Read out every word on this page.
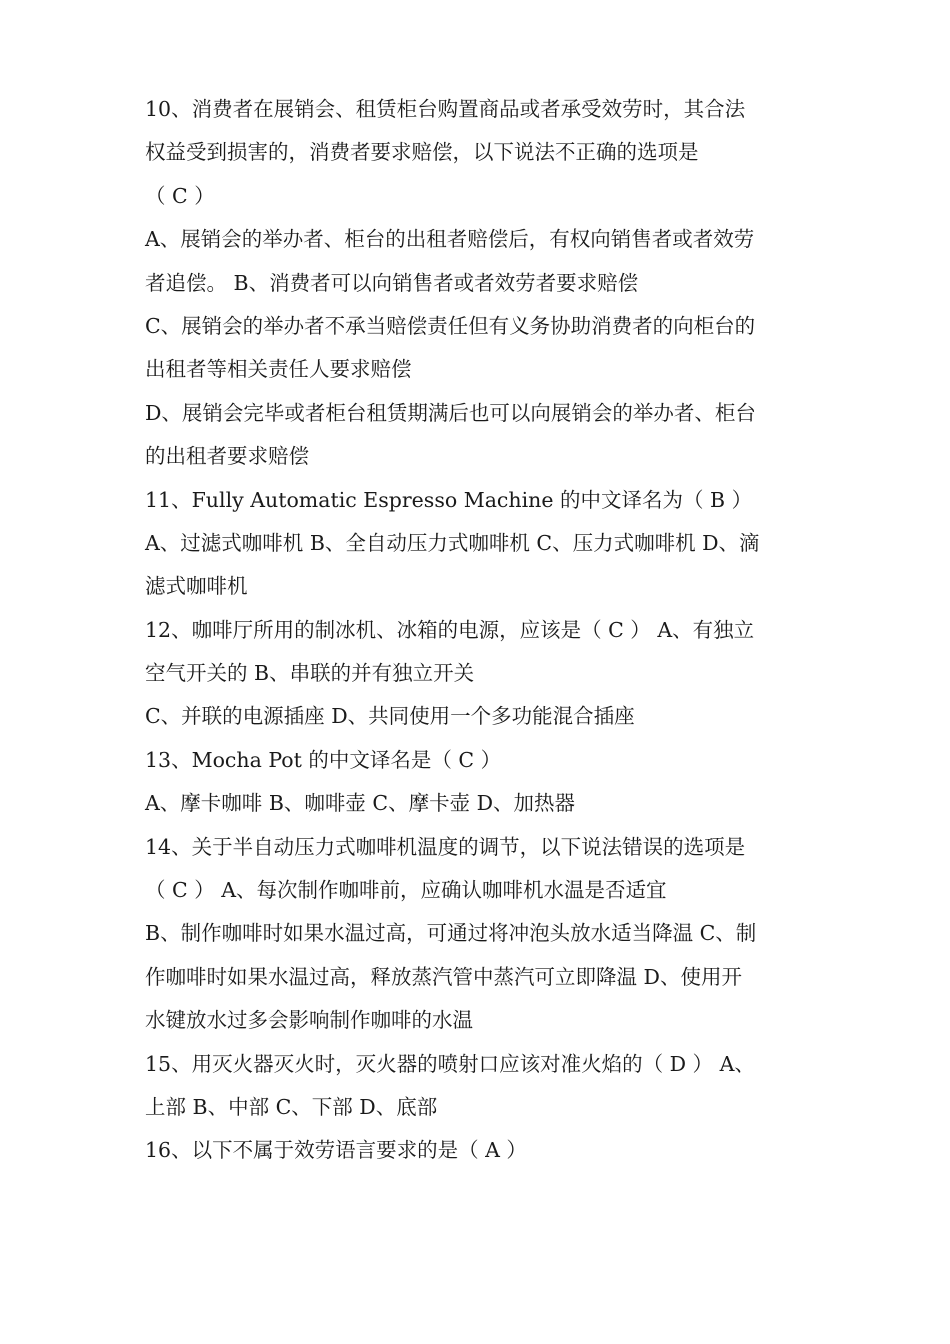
10、消费者在展销会、租赁柜台购置商品或者承受效劳时，其合法
权益受到损害的，消费者要求赔偿，以下说法不正确的选项是
（ C ）
A、展销会的举办者、柜台的出租者赔偿后，有权向销售者或者效劳
者追偿。 B、消费者可以向销售者或者效劳者要求赔偿
C、展销会的举办者不承当赔偿责任但有义务协助消费者的向柜台的
出租者等相关责任人要求赔偿
D、展销会完毕或者柜台租赁期满后也可以向展销会的举办者、柜台
的出租者要求赔偿
11、Fully Automatic Espresso Machine 的中文译名为（ B ）
A、过滤式咖啡机 B、全自动压力式咖啡机 C、压力式咖啡机 D、滴
滤式咖啡机
12、咖啡厅所用的制冰机、冰箱的电源，应该是（ C ） A、有独立
空气开关的 B、串联的并有独立开关
C、并联的电源插座 D、共同使用一个多功能混合插座
13、Mocha Pot 的中文译名是（ C ）
A、摩卡咖啡 B、咖啡壶 C、摩卡壶 D、加热器
14、关于半自动压力式咖啡机温度的调节，以下说法错误的选项是
（ C ） A、每次制作咖啡前，应确认咖啡机水温是否适宜
B、制作咖啡时如果水温过高，可通过将冲泡头放水适当降温 C、制
作咖啡时如果水温过高，释放蒸汽管中蒸汽可立即降温 D、使用开
水键放水过多会影响制作咖啡的水温
15、用灭火器灭火时，灭火器的喷射口应该对准火焰的（ D ） A、
上部 B、中部 C、下部 D、底部
16、以下不属于效劳语言要求的是（ A ）
